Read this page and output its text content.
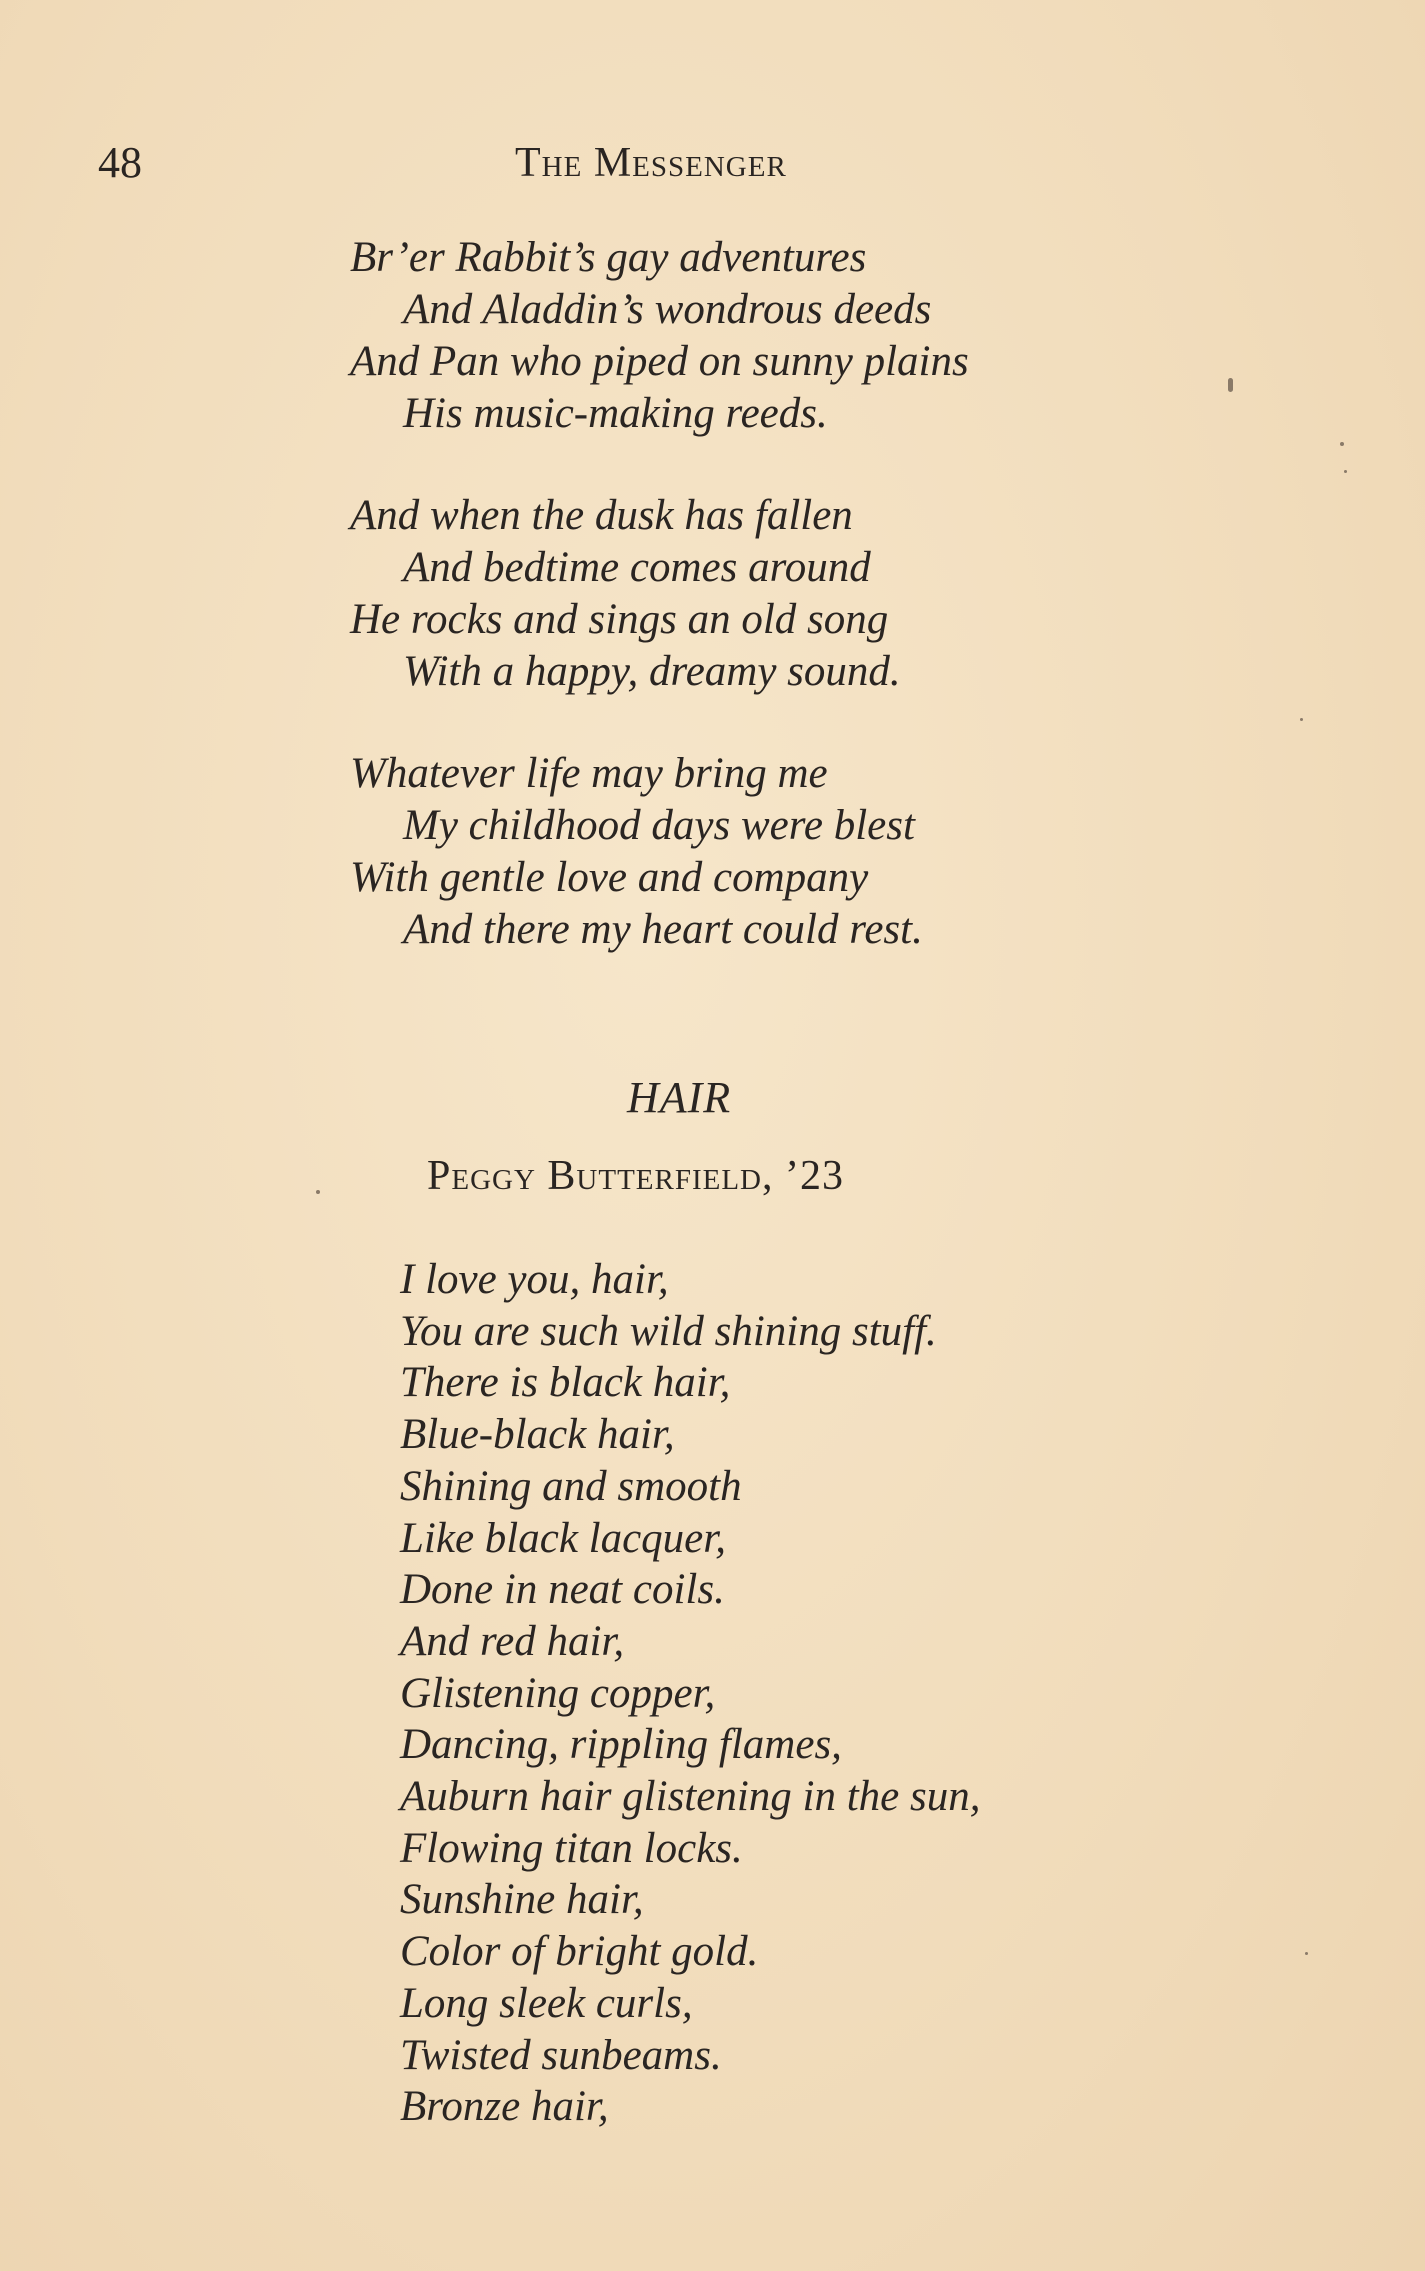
48	The Messenger

Br’er Rabbit’s gay adventures
And Aladdin’s wondrous deeds
And Pan who piped on sunny plains
His music-making reeds.
And when the dusk has fallen
And bedtime comes around
He rocks and sings an old song
With a happy, dreamy sound.
Whatever life may bring me
My childhood days were blest
With gentle love and company
And there my heart could rest.

HAIR

Peggy Butterfield, ’23

I love you, hair,
You are such wild shining stuff.
There is black hair,
Blue-black hair,
Shining and smooth
Like black lacquer,
Done in neat coils.
And red hair,
Glistening copper,
Dancing, rippling flames,
Auburn hair glistening in the sun,
Flowing titan locks.
Sunshine hair,
Color of bright gold.
Long sleek curls,
Twisted sunbeams.
Bronze hair,
